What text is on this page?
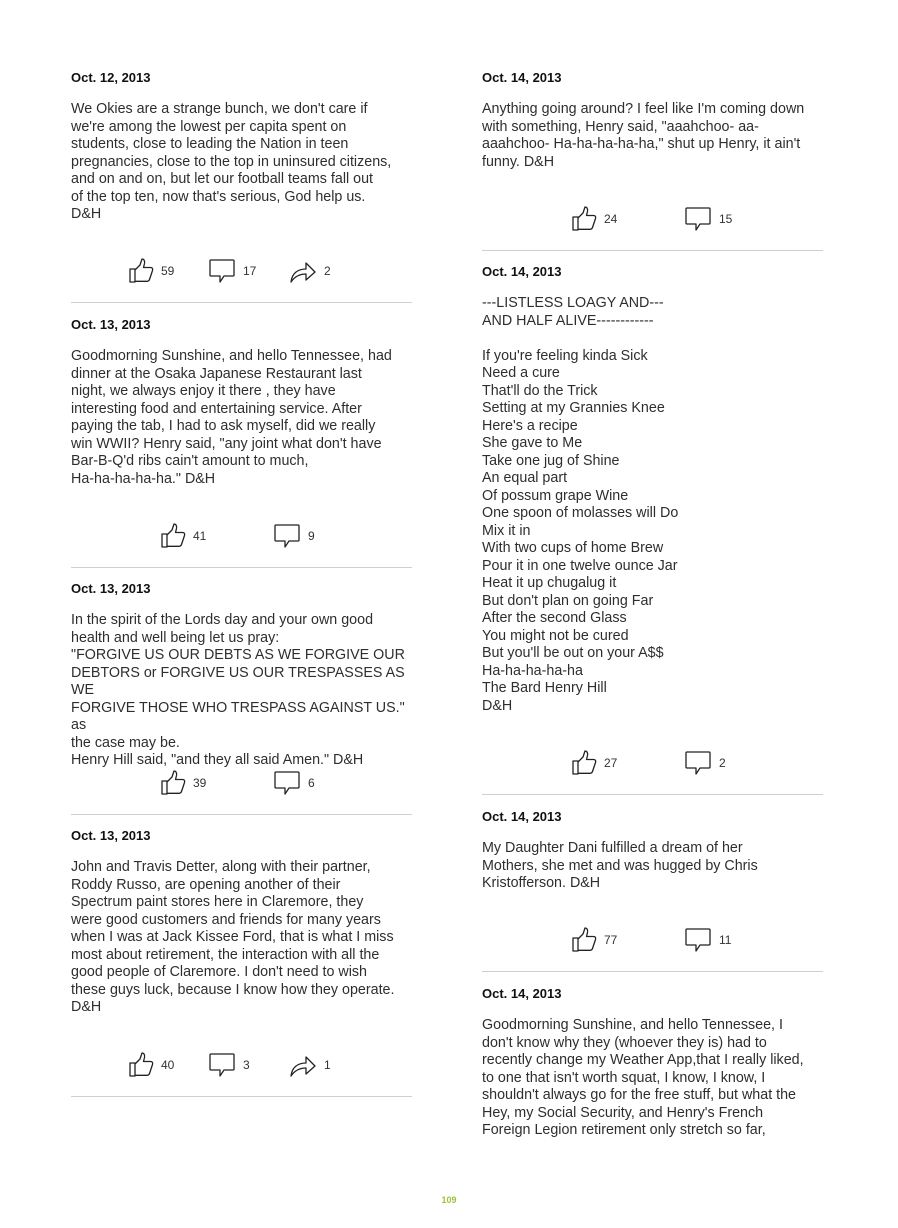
Oct. 12, 2013
We Okies are a strange bunch, we don't care if
we're among the lowest per capita spent on
students, close to leading the Nation in teen
pregnancies, close to the top in uninsured citizens,
and on and on, but let our football teams fall out
of the top ten, now that's serious, God help us.
D&H
59	17	2
Oct. 13, 2013
Goodmorning Sunshine, and hello Tennessee, had
dinner at the Osaka Japanese Restaurant last
night, we always enjoy it there , they have
interesting food and entertaining service. After
paying the tab, I had to ask myself, did we really
win WWII? Henry said, "any joint what don't have
Bar-B-Q'd ribs cain't amount to much,
Ha-ha-ha-ha-ha." D&H
41	9
Oct. 13, 2013
In the spirit of the Lords day and your own good
health and well being let us pray:
"FORGIVE US OUR DEBTS AS WE FORGIVE OUR
DEBTORS or FORGIVE US OUR TRESPASSES AS WE
FORGIVE THOSE WHO TRESPASS AGAINST US." as
the case may be.
Henry Hill said, "and they all said Amen." D&H
39	6
Oct. 13, 2013
John and Travis Detter, along with their partner,
Roddy Russo, are opening another of their
Spectrum paint stores here in Claremore, they
were good customers and friends for many years
when I was at Jack Kissee Ford, that is what I miss
most about retirement, the interaction with all the
good people of Claremore. I don't need to wish
these guys luck, because I know how they operate.
D&H
40	3	1
Oct. 14, 2013
Anything going around? I feel like I'm coming down
with something, Henry said, "aaahchoo- aa-
aaahchoo- Ha-ha-ha-ha-ha," shut up Henry, it ain't
funny. D&H
24	15
Oct. 14, 2013
---LISTLESS LOAGY AND---
AND HALF ALIVE------------

If you're feeling kinda Sick
Need a cure
That'll do the Trick
Setting at my Grannies Knee
Here's a recipe
She gave to Me
Take one jug of Shine
An equal part
Of possum grape Wine
One spoon of molasses will Do
Mix it in
With two cups of home Brew
Pour it in one twelve ounce Jar
Heat it up chugalug it
But don't plan on going Far
After the second Glass
You might not be cured
But you'll be out on your A$$
Ha-ha-ha-ha-ha
The Bard Henry Hill
D&H
27	2
Oct. 14, 2013
My Daughter Dani fulfilled a dream of her
Mothers, she met and was hugged by Chris
Kristofferson. D&H
77	11
Oct. 14, 2013
Goodmorning Sunshine, and hello Tennessee, I
don't know why they (whoever they is) had to
recently change my Weather App,that I really liked,
to one that isn't worth squat, I know, I know, I
shouldn't always go for the free stuff, but what the
Hey, my Social Security, and Henry's French
Foreign Legion retirement only stretch so far,
109
